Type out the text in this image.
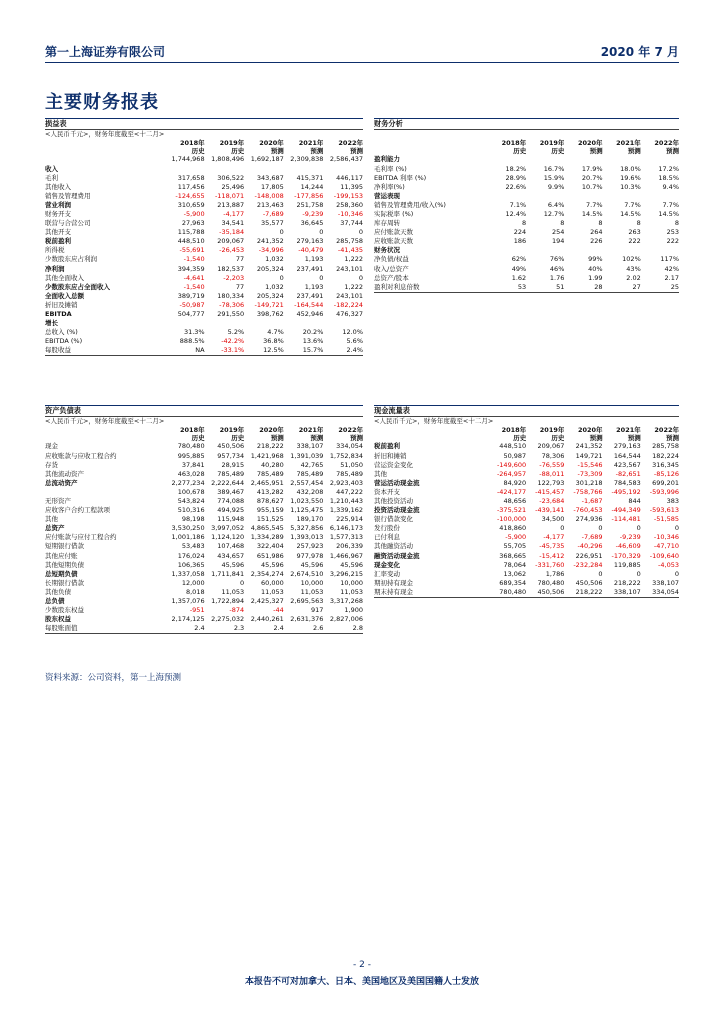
第一上海证券有限公司	2020 年 7 月
主要财务报表
损益表
<人民币千元>，财务年度截至<十二月>
	2018年	2019年	2020年	2021年	2022年
	历史	历史	预测	预测	预测
	1,744,968	1,808,496	1,692,187	2,309,838	2,586,437
收入					
毛利	317,658	306,522	343,687	415,371	446,117
其他收入	117,456	25,496	17,805	14,244	11,395
销售及管理费用	-124,655	-118,071	-148,008	-177,856	-199,153
营业利润	310,659	213,887	213,463	251,758	258,360
财务开支	-5,900	-4,177	-7,689	-9,239	-10,346
联营与合营公司	27,963	34,541	35,577	36,645	37,744
其他开支	115,788	-35,184	0	0	0
税前盈利	448,510	209,067	241,352	279,163	285,758
所得税	-55,691	-26,453	-34,996	-40,479	-41,435
少数股东应占利润	-1,540	77	1,032	1,193	1,222
净利润	394,359	182,537	205,324	237,491	243,101
其他全面收入	-4,641	-2,203	0	0	0
少数股东应占全面收入	-1,540	77	1,032	1,193	1,222
全面收入总额	389,719	180,334	205,324	237,491	243,101
折旧及摊销	-50,987	-78,306	-149,721	-164,544	-182,224
EBITDA	504,777	291,550	398,762	452,946	476,327
增长					
总收入 (%)	31.3%	5.2%	4.7%	20.2%	12.0%
EBITDA (%)	888.5%	-42.2%	36.8%	13.6%	5.6%
每股收益	NA	-33.1%	12.5%	15.7%	2.4%
财务分析
	2018年	2019年	2020年	2021年	2022年
	历史	历史	预测	预测	预测
盈利能力					
毛利率 (%)	18.2%	16.7%	17.9%	18.0%	17.2%
EBITDA 利率 (%)	28.9%	15.9%	20.7%	19.6%	18.5%
净利率(%)	22.6%	9.9%	10.7%	10.3%	9.4%

营运表现					
销售及管理费用/收入(%)	7.1%	6.4%	7.7%	7.7%	7.7%

实际税率 (%)	12.4%	12.7%	14.5%	14.5%	14.5%

库存周转	8	8	8	8	8
应付账款天数	224	254	264	263	253
应收账款天数	186	194	226	222	222

财务状况					
净负债/权益	62%	76%	99%	102%	117%
收入/总资产	49%	46%	40%	43%	42%
总资产/股本	1.62	1.76	1.99	2.02	2.17
盈利对利息倍数	53	51	28	27	25
资产负债表
<人民币千元>，财务年度截至<十二月>
	2018年	2019年	2020年	2021年	2022年
	历史	历史	预测	预测	预测
现金	780,480	450,506	218,222	338,107	334,054
应收账款与应收工程合约	995,885	957,734	1,421,968	1,391,039	1,752,834
存货	37,841	28,915	40,280	42,765	51,050
其他流动资产	463,028	785,489	785,489	785,489	785,489
总流动资产	2,277,234	2,222,644	2,465,951	2,557,454	2,923,403
	100,678	389,467	413,282	432,208	447,222
无形资产	543,824	774,088	878,627	1,023,550	1,210,443
应收客户合约工程款项	510,316	494,925	955,159	1,125,475	1,339,162
其他	98,198	115,948	151,525	189,170	225,914
总资产	3,530,250	3,997,052	4,865,545	5,327,856	6,146,173
应付账款与应付工程合约	1,001,186	1,124,120	1,334,289	1,393,013	1,577,313
短期银行借款	53,483	107,468	322,404	257,923	206,339
其他应付账	176,024	434,657	651,986	977,978	1,466,967
其他短期负债	106,365	45,596	45,596	45,596	45,596
总短期负债	1,337,058	1,711,841	2,354,274	2,674,510	3,296,215
长期银行借款	12,000	0	60,000	10,000	10,000
其他负债	8,018	11,053	11,053	11,053	11,053
总负债	1,357,076	1,722,894	2,425,327	2,695,563	3,317,268
少数股东权益	-951	-874	-44	917	1,900
股东权益	2,174,125	2,275,032	2,440,261	2,631,376	2,827,006
每股账面值	2.4	2.3	2.4	2.6	2.8
现金流量表
<人民币千元>，财务年度截至<十二月>
	2018年	2019年	2020年	2021年	2022年
	历史	历史	预测	预测	预测
税前盈利	448,510	209,067	241,352	279,163	285,758
折旧和摊销	50,987	78,306	149,721	164,544	182,224
营运资金变化	-149,600	-76,559	-15,546	423,567	316,345
其他	-264,957	-88,011	-73,309	-82,651	-85,126
营运活动现金流	84,920	122,793	301,218	784,583	699,201

资本开支	-424,177	-415,457	-758,766	-495,192	-593,996
其他投资活动	48,656	-23,684	-1,687	844	383
投资活动现金流	-375,521	-439,141	-760,453	-494,349	-593,613

银行借款变化	-100,000	34,500	274,936	-114,481	-51,585
发行股份	418,860	0	0	0	0
已付利息	-5,900	-4,177	-7,689	-9,239	-10,346
其他融资活动	55,705	-45,735	-40,296	-46,609	-47,710
融资活动现金流	368,665	-15,412	226,951	-170,329	-109,640

现金变化	78,064	-331,760	-232,284	119,885	-4,053
汇率变动	13,062	1,786	0	0	0
期初持有现金	689,354	780,480	450,506	218,222	338,107
期末持有现金	780,480	450,506	218,222	338,107	334,054
资料来源：公司资料，第一上海预测
- 2 -
本报告不可对加拿大、日本、美国地区及美国国籍人士发放
